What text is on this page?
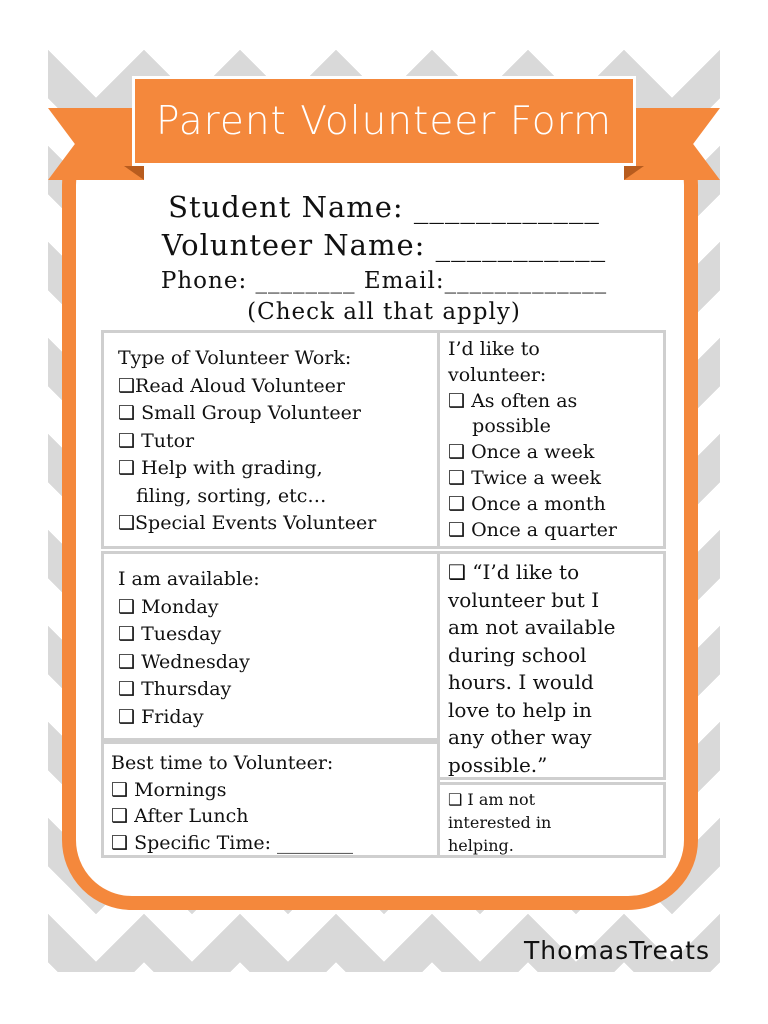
Parent Volunteer Form
Student Name: ____________
Volunteer Name: ___________
Phone: ________ Email:_____________
(Check all that apply)
Type of Volunteer Work:
❑Read Aloud Volunteer
❑ Small Group Volunteer
❑ Tutor
❑ Help with grading,
filing, sorting, etc…
❑Special Events Volunteer
I’d like to
volunteer:
❑ As often as
possible
❑ Once a week
❑ Twice a week
❑ Once a month
❑ Once a quarter
I am available:
❑ Monday
❑ Tuesday
❑ Wednesday
❑ Thursday
❑ Friday
❑ “I’d like to
volunteer but I
am not available
during school
hours. I would
love to help in
any other way
possible.”
Best time to Volunteer:
❑ Mornings
❑ After Lunch
❑ Specific Time: ________
❑ I am not
interested in
helping.
ThomasTreats
